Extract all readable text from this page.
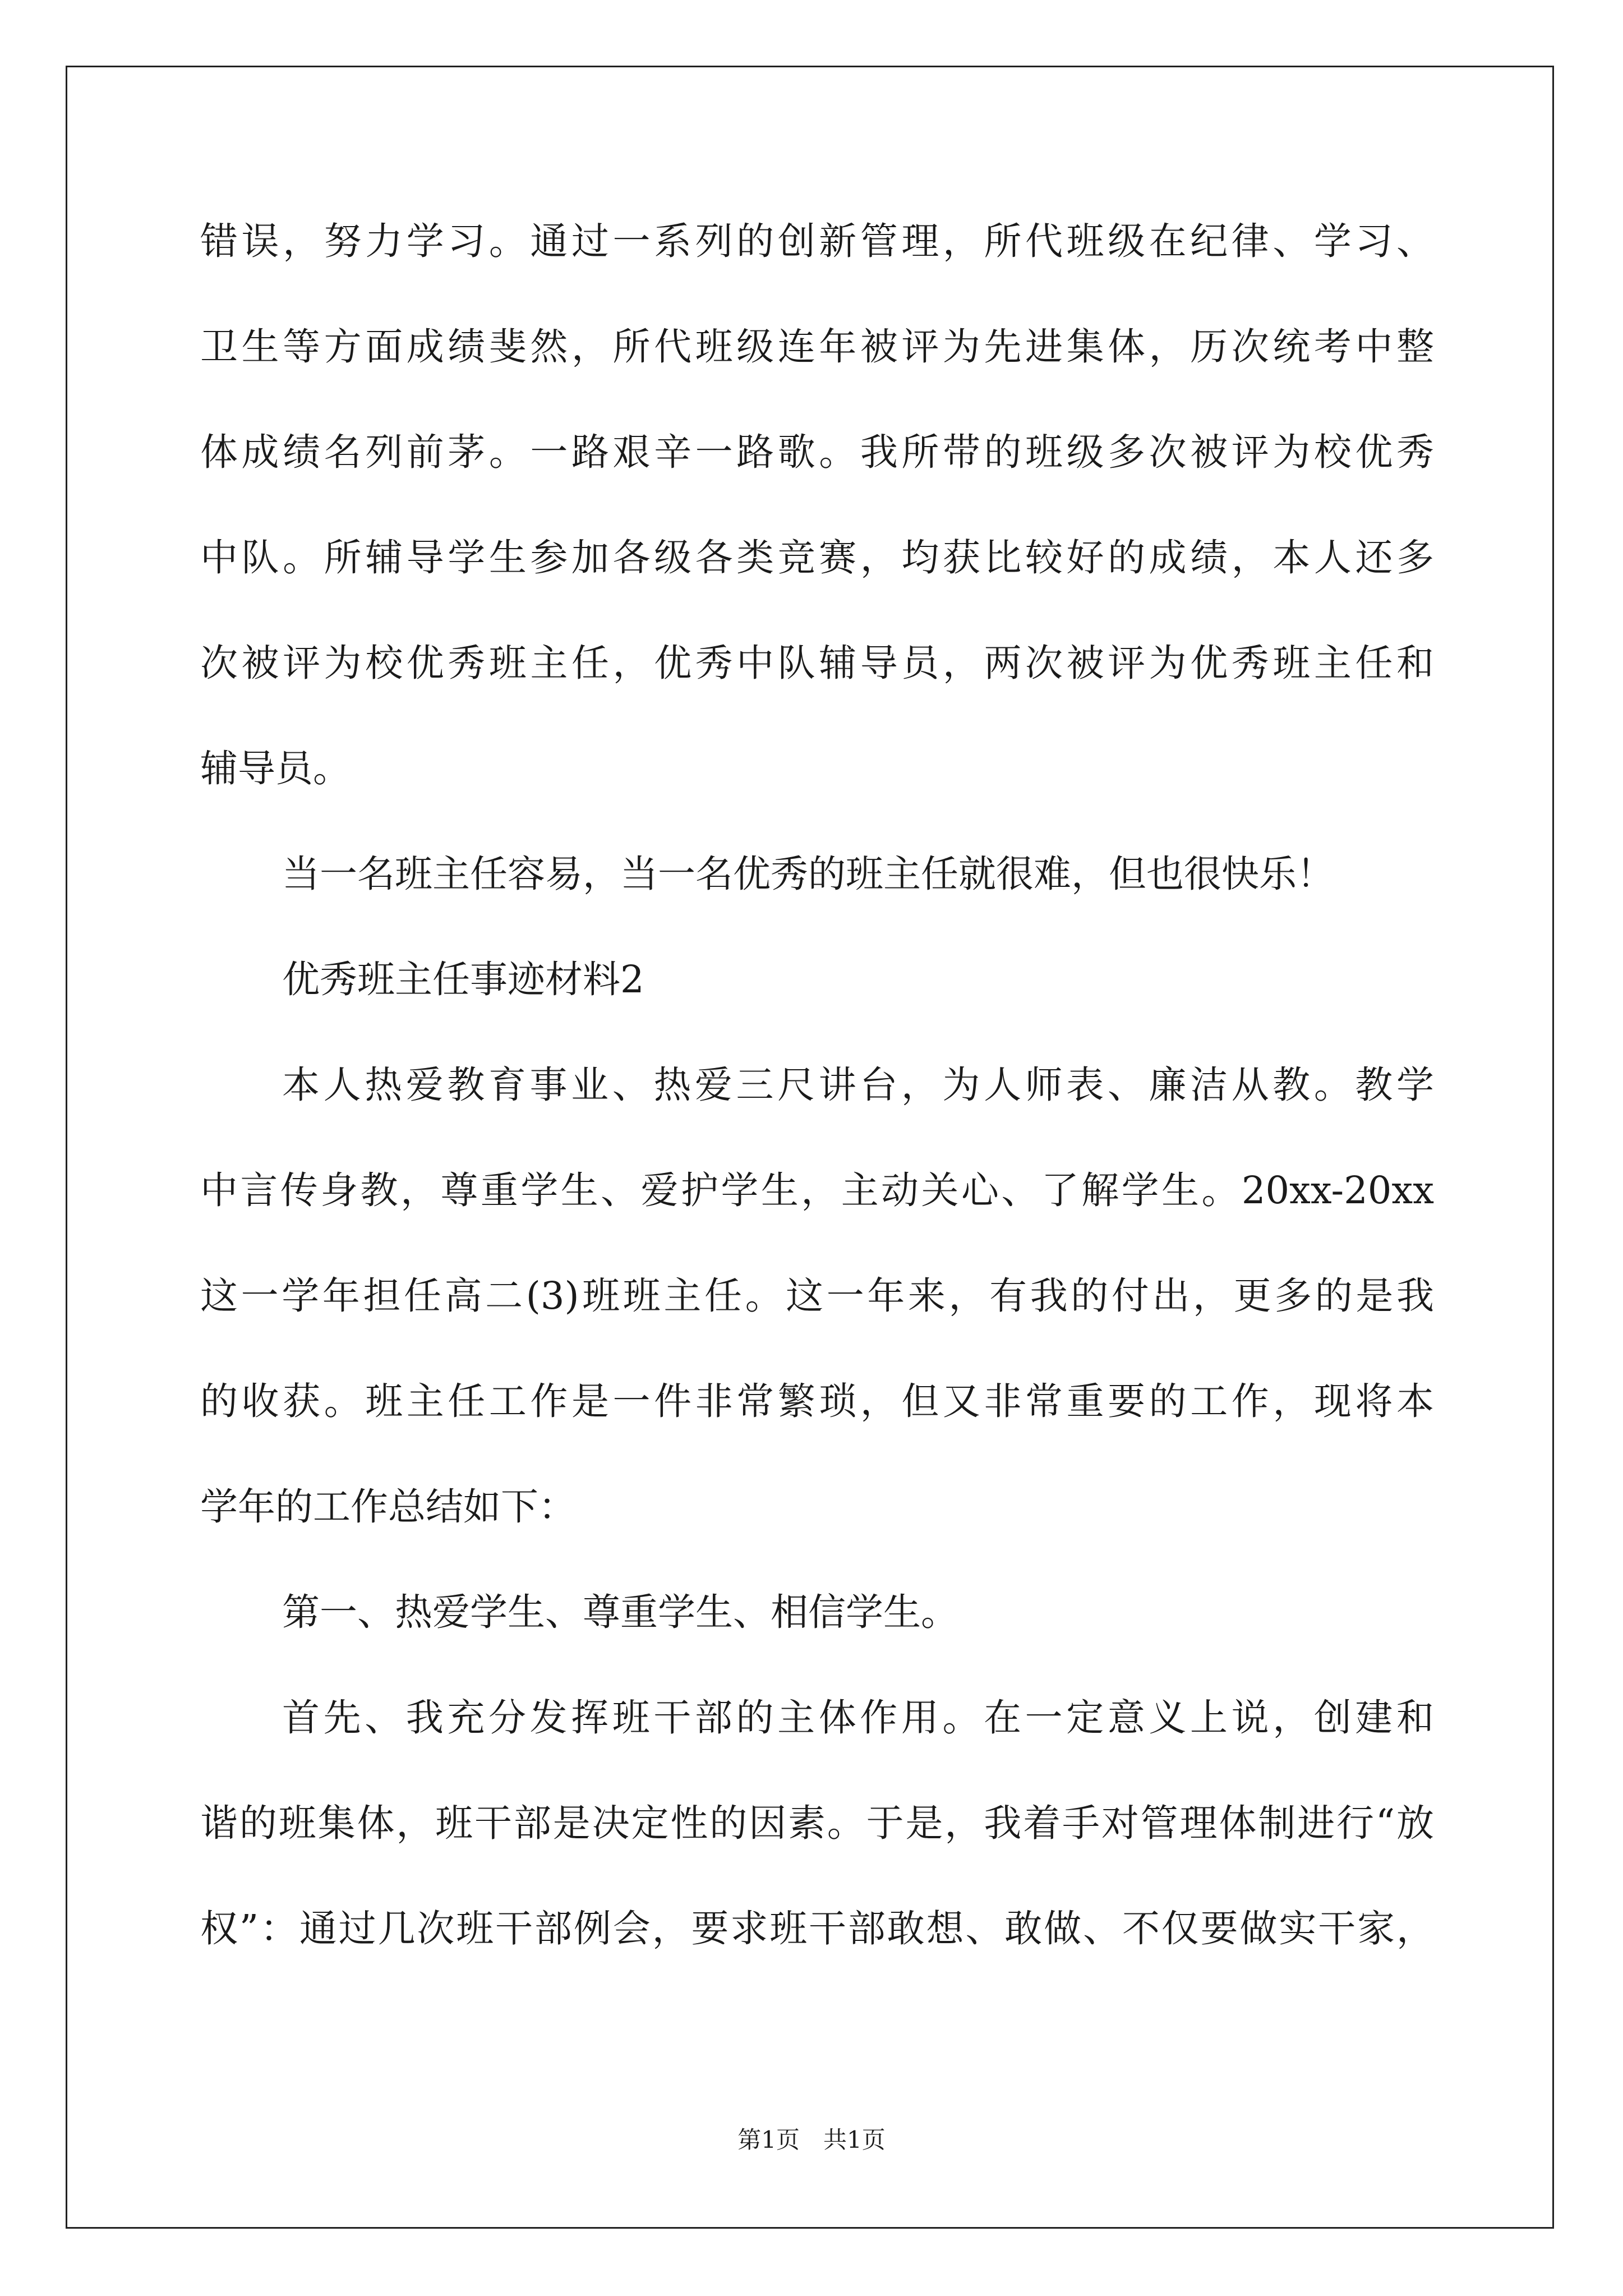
错误，努力学习。通过一系列的创新管理，所代班级在纪律、学习、
卫生等方面成绩斐然，所代班级连年被评为先进集体，历次统考中整
体成绩名列前茅。一路艰辛一路歌。我所带的班级多次被评为校优秀
中队。所辅导学生参加各级各类竞赛，均获比较好的成绩，本人还多
次被评为校优秀班主任，优秀中队辅导员，两次被评为优秀班主任和
辅导员。
当一名班主任容易，当一名优秀的班主任就很难，但也很快乐！
优秀班主任事迹材料2
本人热爱教育事业、热爱三尺讲台，为人师表、廉洁从教。教学
中言传身教，尊重学生、爱护学生，主动关心、了解学生。20xx-20xx
这一学年担任高二(3)班班主任。这一年来，有我的付出，更多的是我
的收获。班主任工作是一件非常繁琐，但又非常重要的工作，现将本
学年的工作总结如下：
第一、热爱学生、尊重学生、相信学生。
首先、我充分发挥班干部的主体作用。在一定意义上说，创建和
谐的班集体，班干部是决定性的因素。于是，我着手对管理体制进行“放
权”：通过几次班干部例会，要求班干部敢想、敢做、不仅要做实干家，
第1页　共1页
